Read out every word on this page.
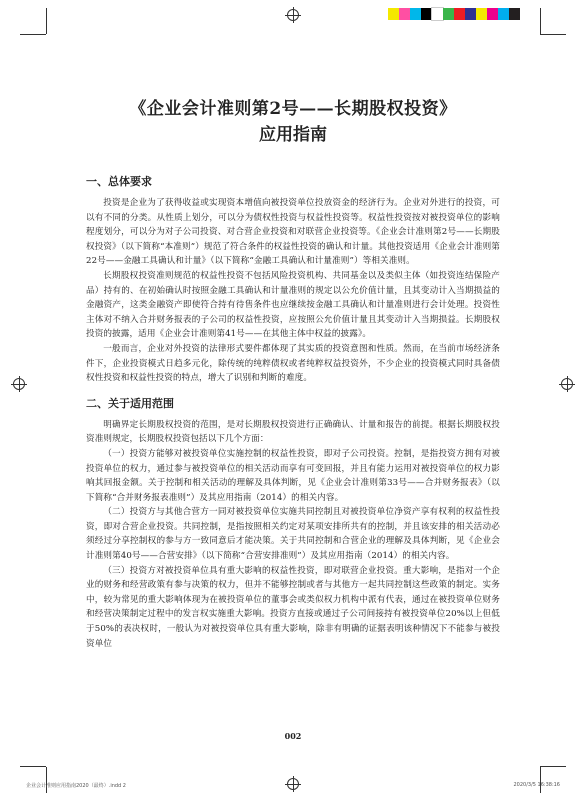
《企业会计准则第2号——长期股权投资》
应用指南
一、总体要求

投资是企业为了获得收益或实现资本增值向被投资单位投放资金的经济行为。企业对外进行的投资，可以有不同的分类。从性质上划分，可以分为债权性投资与权益性投资等。权益性投资按对被投资单位的影响程度划分，可以分为对子公司投资、对合营企业投资和对联营企业投资等。《企业会计准则第2号——长期股权投资》（以下简称“本准则”）规范了符合条件的权益性投资的确认和计量。其他投资适用《企业会计准则第22号——金融工具确认和计量》（以下简称“金融工具确认和计量准则”）等相关准则。

长期股权投资准则规范的权益性投资不包括风险投资机构、共同基金以及类似主体（如投资连结保险产品）持有的、在初始确认时按照金融工具确认和计量准则的规定以公允价值计量，且其变动计入当期损益的金融资产，这类金融资产即使符合持有待售条件也应继续按金融工具确认和计量准则进行会计处理。投资性主体对不纳入合并财务报表的子公司的权益性投资，应按照公允价值计量且其变动计入当期损益。长期股权投资的披露，适用《企业会计准则第41号——在其他主体中权益的披露》。

一般而言，企业对外投资的法律形式要件都体现了其实质的投资意图和性质。然而，在当前市场经济条件下，企业投资模式日趋多元化，除传统的纯粹债权或者纯粹权益投资外，不少企业的投资模式同时具备债权性投资和权益性投资的特点，增大了识别和判断的难度。

二、关于适用范围

明确界定长期股权投资的范围，是对长期股权投资进行正确确认、计量和报告的前提。根据长期股权投资准则规定，长期股权投资包括以下几个方面：

（一）投资方能够对被投资单位实施控制的权益性投资，即对子公司投资。控制，是指投资方拥有对被投资单位的权力，通过参与被投资单位的相关活动而享有可变回报，并且有能力运用对被投资单位的权力影响其回报金额。关于控制和相关活动的理解及具体判断，见《企业会计准则第33号——合并财务报表》（以下简称“合并财务报表准则”）及其应用指南（2014）的相关内容。

（二）投资方与其他合营方一同对被投资单位实施共同控制且对被投资单位净资产享有权利的权益性投资，即对合营企业投资。共同控制，是指按照相关约定对某项安排所共有的控制，并且该安排的相关活动必须经过分享控制权的参与方一致同意后才能决策。关于共同控制和合营企业的理解及具体判断，见《企业会计准则第40号——合营安排》（以下简称“合营安排准则”）及其应用指南（2014）的相关内容。

（三）投资方对被投资单位具有重大影响的权益性投资，即对联营企业投资。重大影响，是指对一个企业的财务和经营政策有参与决策的权力，但并不能够控制或者与其他方一起共同控制这些政策的制定。实务中，较为常见的重大影响体现为在被投资单位的董事会或类似权力机构中派有代表，通过在被投资单位财务和经营决策制定过程中的发言权实施重大影响。投资方直接或通过子公司间接持有被投资单位20%以上但低于50%的表决权时，一般认为对被投资单位具有重大影响，除非有明确的证据表明该种情况下不能参与被投资单位

002
企业会计准则应用指南2020（最终）.indd 2	2020/3/5 16:38:16
